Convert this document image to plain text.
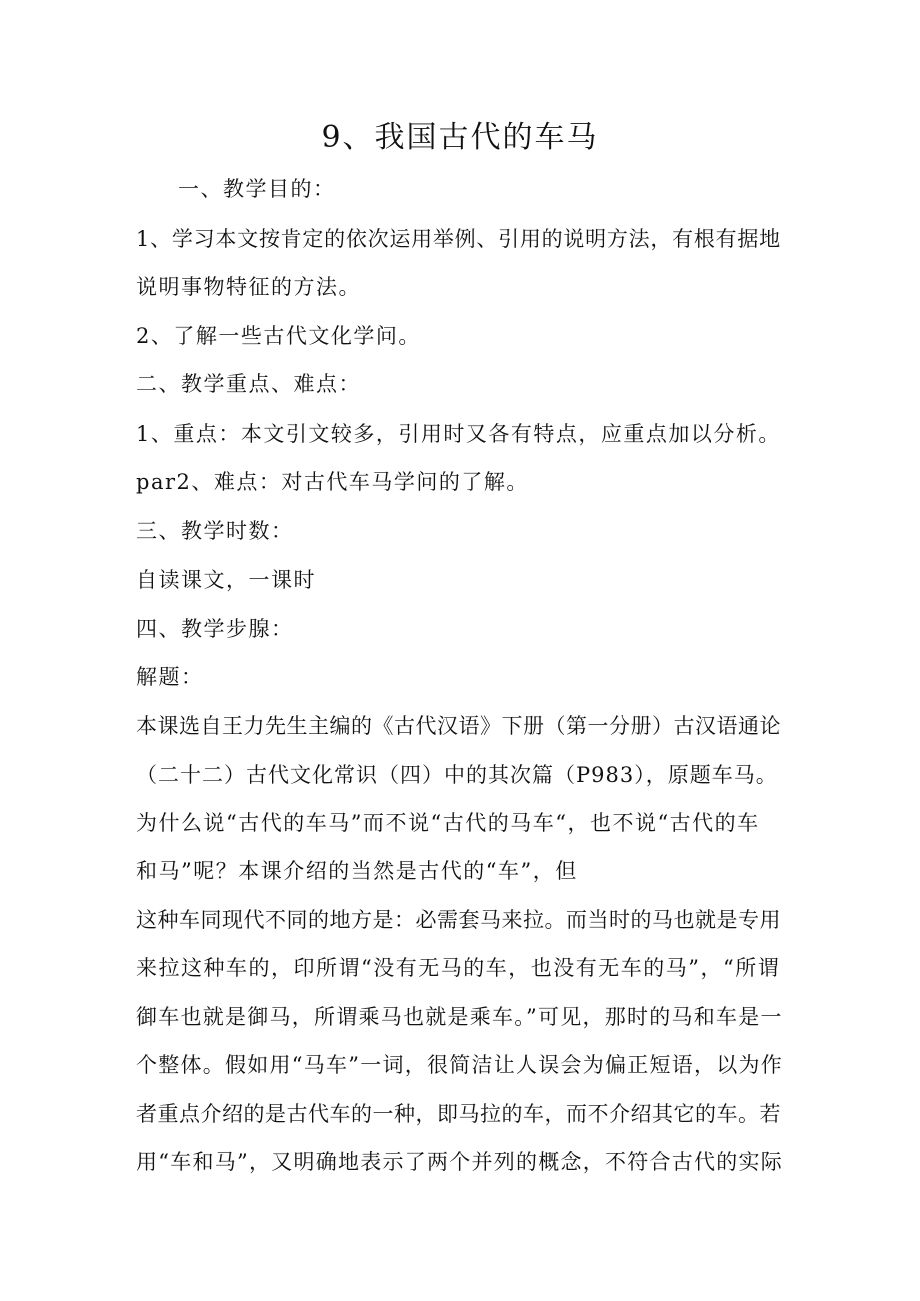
9、我国古代的车马
一、教学目的：
1、学习本文按肯定的依次运用举例、引用的说明方法，有根有据地
说明事物特征的方法。
2、了解一些古代文化学问。
二、教学重点、难点：
1、重点：本文引文较多，引用时又各有特点，应重点加以分析。
par2、难点：对古代车马学问的了解。
三、教学时数：
自读课文，一课时
四、教学步腺：
解题：
本课选自王力先生主编的《古代汉语》下册（第一分册）古汉语通论
（二十二）古代文化常识（四）中的其次篇（P983），原题车马。
为什么说“古代的车马”而不说“古代的马车“，也不说“古代的车
和马”呢？本课介绍的当然是古代的“车”，但
这种车同现代不同的地方是：必需套马来拉。而当时的马也就是专用
来拉这种车的，印所谓“没有无马的车，也没有无车的马”，“所谓
御车也就是御马，所谓乘马也就是乘车。”可见，那时的马和车是一
个整体。假如用“马车”一词，很简洁让人误会为偏正短语，以为作
者重点介绍的是古代车的一种，即马拉的车，而不介绍其它的车。若
用“车和马”，又明确地表示了两个并列的概念，不符合古代的实际
